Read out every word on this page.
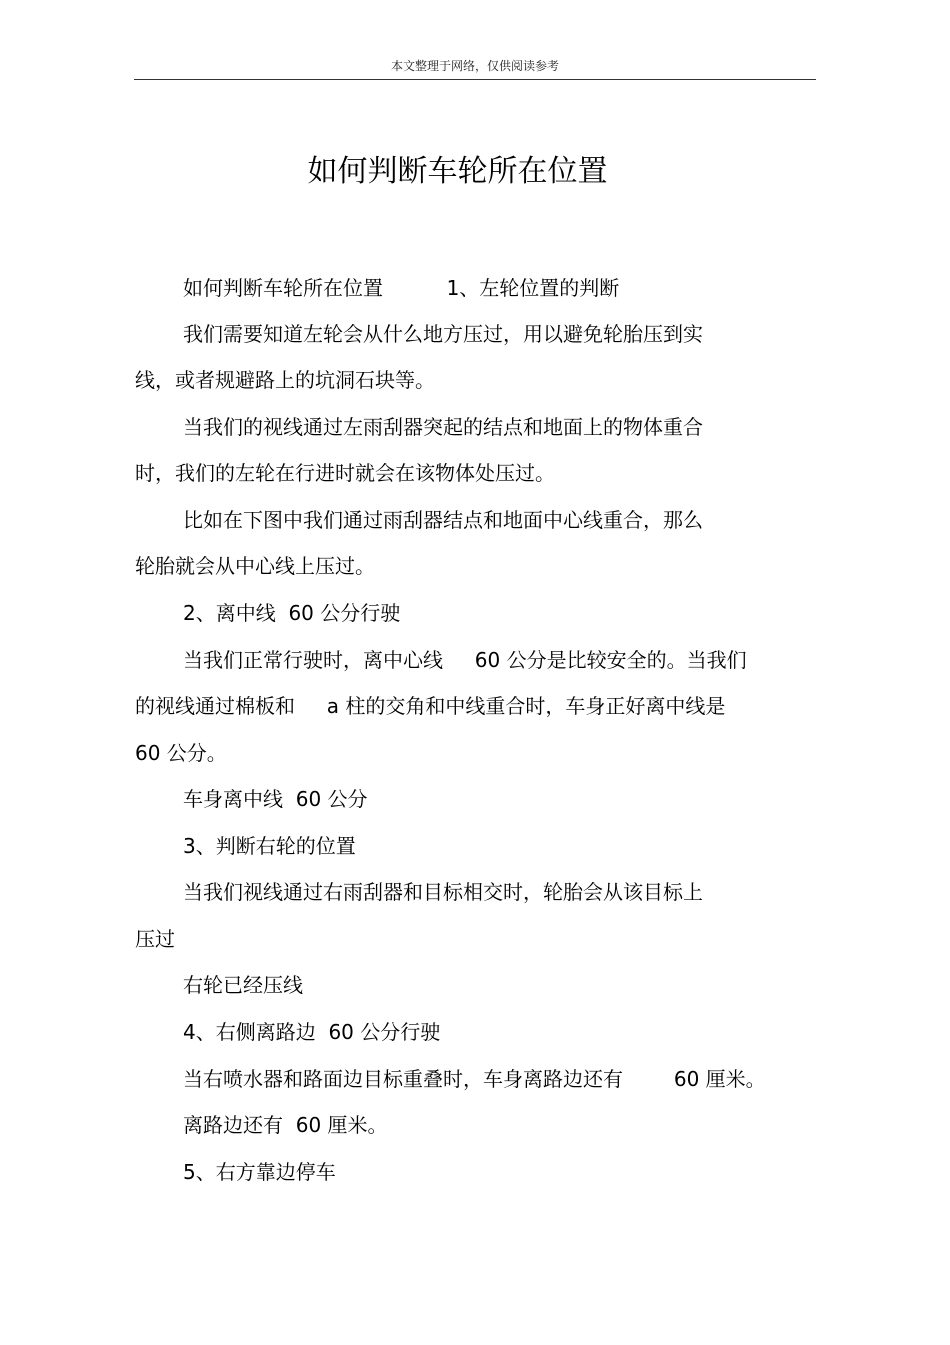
本文整理于网络，仅供阅读参考
如何判断车轮所在位置
如何判断车轮所在位置          1、左轮位置的判断
我们需要知道左轮会从什么地方压过，用以避免轮胎压到实
线，或者规避路上的坑洞石块等。
当我们的视线通过左雨刮器突起的结点和地面上的物体重合
时，我们的左轮在行进时就会在该物体处压过。
比如在下图中我们通过雨刮器结点和地面中心线重合，那么
轮胎就会从中心线上压过。
2、离中线  60 公分行驶
当我们正常行驶时，离中心线     60 公分是比较安全的。当我们
的视线通过棉板和     a 柱的交角和中线重合时，车身正好离中线是
60 公分。
车身离中线  60 公分
3、判断右轮的位置
当我们视线通过右雨刮器和目标相交时，轮胎会从该目标上
压过
右轮已经压线
4、右侧离路边  60 公分行驶
当右喷水器和路面边目标重叠时，车身离路边还有        60 厘米。
离路边还有  60 厘米。
5、右方靠边停车
